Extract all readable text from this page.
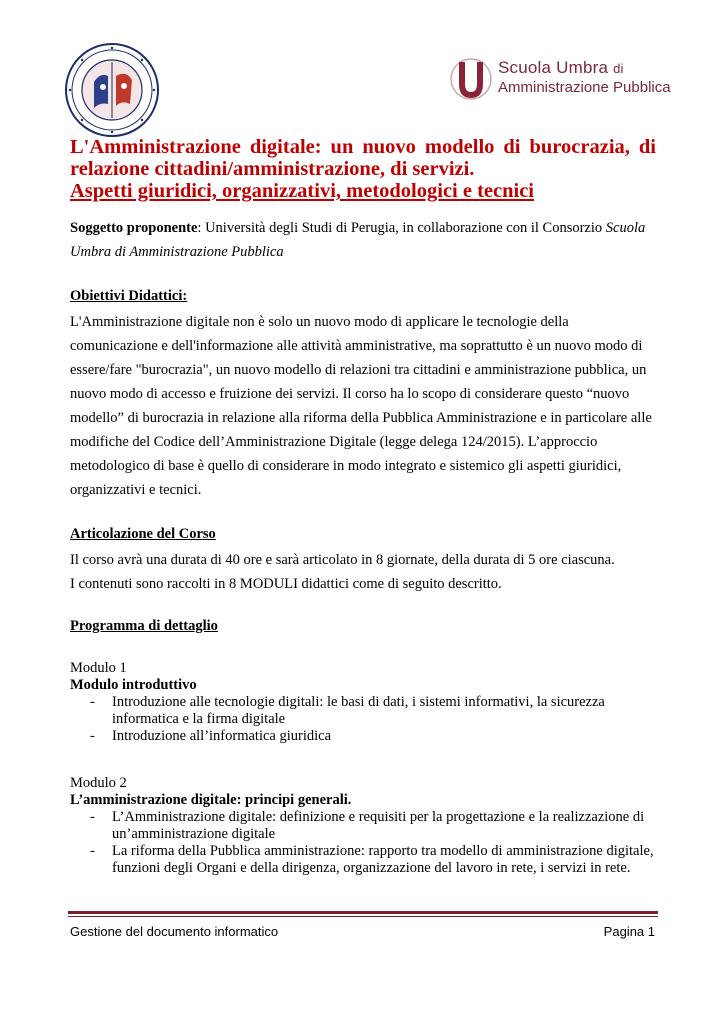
Scuola Umbra di
Amministrazione Pubblica
L'Amministrazione digitale: un nuovo modello di burocrazia, di relazione cittadini/amministrazione, di servizi.
Aspetti giuridici, organizzativi, metodologici e tecnici

Soggetto proponente: Università degli Studi di Perugia, in collaborazione con il Consorzio Scuola Umbra di Amministrazione Pubblica

Obiettivi Didattici:

L'Amministrazione digitale non è solo un nuovo modo di applicare le tecnologie della comunicazione e dell'informazione alle attività amministrative, ma soprattutto è un nuovo modo di essere/fare "burocrazia", un nuovo modello di relazioni tra cittadini e amministrazione pubblica, un nuovo modo di accesso e fruizione dei servizi. Il corso ha lo scopo di considerare questo “nuovo modello” di burocrazia in relazione alla riforma della Pubblica Amministrazione e in particolare alle modifiche del Codice dell’Amministrazione Digitale (legge delega 124/2015). L’approccio metodologico di base è quello di considerare in modo integrato e sistemico gli aspetti giuridici, organizzativi e tecnici.

Articolazione del Corso

Il corso avrà una durata di 40 ore e sarà articolato in 8 giornate, della durata di 5 ore ciascuna.

I contenuti sono raccolti in 8 MODULI didattici come di seguito descritto.

Programma di dettaglio

Modulo 1

Modulo introduttivo

- Introduzione alle tecnologie digitali: le basi di dati, i sistemi informativi, la sicurezza informatica e la firma digitale
- Introduzione all’informatica giuridica

Modulo 2

L’amministrazione digitale: principi generali.

- L’Amministrazione digitale: definizione e requisiti per la progettazione e la realizzazione di un’amministrazione digitale
- La riforma della Pubblica amministrazione: rapporto tra modello di amministrazione digitale, funzioni degli Organi e della dirigenza, organizzazione del lavoro in rete, i servizi in rete.
Gestione del documento informatico	Pagina 1
